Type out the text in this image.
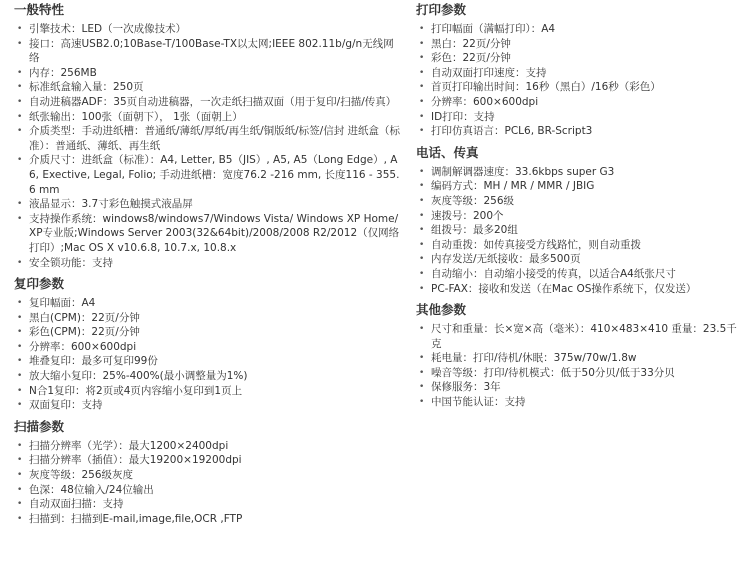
一般特性
• 引擎技术：LED（一次成像技术）
• 接口：高速USB2.0;10Base-T/100Base-TX以太网;IEEE 802.11b/g/n无线网络
• 内存：256MB
• 标准纸盒输入量：250页
• 自动进稿器ADF：35页自动进稿器，一次走纸扫描双面（用于复印/扫描/传真）
• 纸张输出：100张（面朝下）， 1张（面朝上）
• 介质类型：手动进纸槽：普通纸/薄纸/厚纸/再生纸/铜版纸/标签/信封 进纸盒（标准）：普通纸、薄纸、再生纸
• 介质尺寸：进纸盒（标准）：A4, Letter, B5（JIS）, A5, A5（Long Edge）, A6, Exective, Legal, Folio; 手动进纸槽：宽度76.2 -216 mm, 长度116 - 355.6 mm
• 液晶显示：3.7寸彩色触摸式液晶屏
• 支持操作系统：windows8/windows7/Windows Vista/ Windows XP Home/XP专业版;Windows Server 2003(32&64bit)/2008/2008 R2/2012（仅网络打印）;Mac OS X v10.6.8, 10.7.x, 10.8.x
• 安全锁功能：支持
复印参数
• 复印幅面：A4
• 黑白(CPM)：22页/分钟
• 彩色(CPM)：22页/分钟
• 分辨率：600×600dpi
• 堆叠复印：最多可复印99份
• 放大缩小复印：25%-400%(最小调整量为1%)
• N合1复印：将2页或4页内容缩小复印到1页上
• 双面复印：支持
扫描参数
• 扫描分辨率（光学）：最大1200×2400dpi
• 扫描分辨率（插值）：最大19200×19200dpi
• 灰度等级：256级灰度
• 色深：48位输入/24位输出
• 自动双面扫描：支持
• 扫描到：扫描到E-mail,image,file,OCR ,FTP
打印参数
• 打印幅面（满幅打印）：A4
• 黑白：22页/分钟
• 彩色：22页/分钟
• 自动双面打印速度：支持
• 首页打印输出时间：16秒（黑白）/16秒（彩色）
• 分辨率：600×600dpi
• ID打印：支持
• 打印仿真语言：PCL6, BR-Script3
电话、传真
• 调制解调器速度：33.6kbps super G3
• 编码方式：MH / MR / MMR / JBIG
• 灰度等级：256级
• 速拨号：200个
• 组拨号：最多20组
• 自动重拨：如传真接受方线路忙，则自动重拨
• 内存发送/无纸接收：最多500页
• 自动缩小：自动缩小接受的传真，以适合A4纸张尺寸
• PC-FAX：接收和发送（在Mac OS操作系统下，仅发送）
其他参数
• 尺寸和重量：长×宽×高（毫米）：410×483×410 重量：23.5千克
• 耗电量：打印/待机/休眠：375w/70w/1.8w
• 噪音等级：打印/待机模式：低于50分贝/低于33分贝
• 保修服务：3年
• 中国节能认证：支持
